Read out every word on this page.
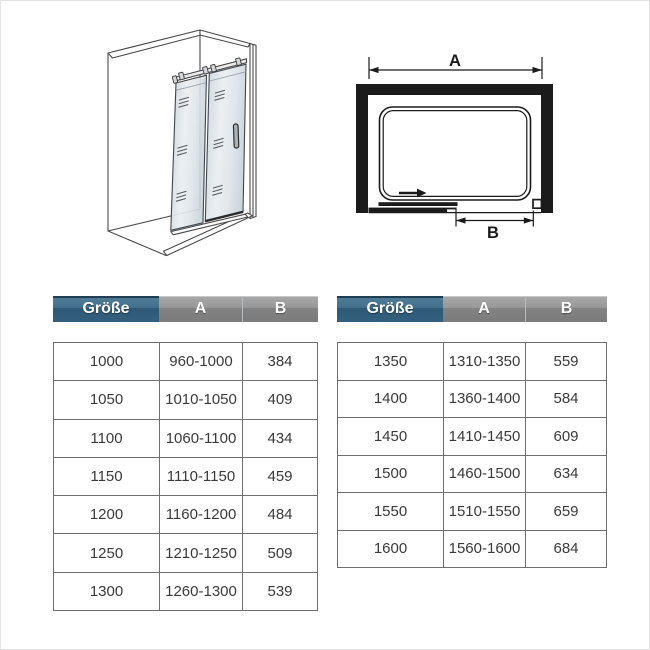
A
B
Größe	A	B
1000	960-1000	384
1050	1010-1050	409
1100	1060-1100	434
1150	1110-1150	459
1200	1160-1200	484
1250	1210-1250	509
1300	1260-1300	539
Größe	A	B
1350	1310-1350	559
1400	1360-1400	584
1450	1410-1450	609
1500	1460-1500	634
1550	1510-1550	659
1600	1560-1600	684
